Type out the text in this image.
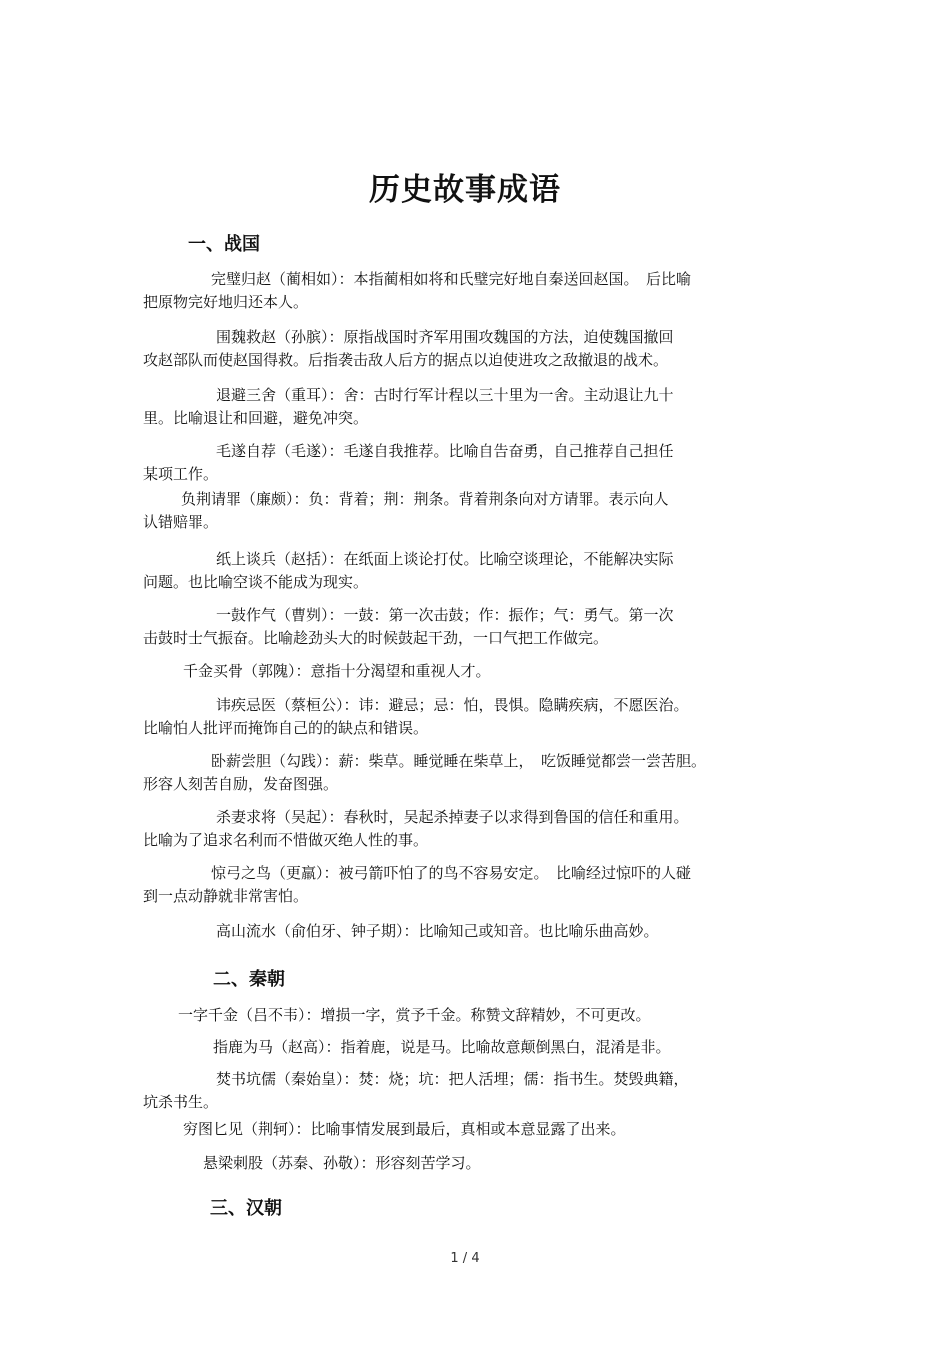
历史故事成语
一、战国

完璧归赵（蔺相如）：本指蔺相如将和氏璧完好地自秦送回赵国。　后比喻
把原物完好地归还本人。

围魏救赵（孙膑）：原指战国时齐军用围攻魏国的方法，迫使魏国撤回
攻赵部队而使赵国得救。后指袭击敌人后方的据点以迫使进攻之敌撤退的战术。

退避三舍（重耳）：舍：古时行军计程以三十里为一舍。主动退让九十
里。比喻退让和回避，避免冲突。

毛遂自荐（毛遂）：毛遂自我推荐。比喻自告奋勇，自己推荐自己担任
某项工作。

负荆请罪（廉颇）：负：背着；荆：荆条。背着荆条向对方请罪。表示向人
认错赔罪。

纸上谈兵（赵括）：在纸面上谈论打仗。比喻空谈理论，不能解决实际
问题。也比喻空谈不能成为现实。

一鼓作气（曹刿）：一鼓：第一次击鼓；作：振作；气：勇气。第一次
击鼓时士气振奋。比喻趁劲头大的时候鼓起干劲，一口气把工作做完。

千金买骨（郭隗）：意指十分渴望和重视人才。

讳疾忌医（蔡桓公）：讳：避忌；忌：怕，畏惧。隐瞒疾病，不愿医治。
比喻怕人批评而掩饰自己的的缺点和错误。

卧薪尝胆（勾践）：薪：柴草。睡觉睡在柴草上，　吃饭睡觉都尝一尝苦胆。
形容人刻苦自励，发奋图强。

杀妻求将（吴起）：春秋时，吴起杀掉妻子以求得到鲁国的信任和重用。
比喻为了追求名利而不惜做灭绝人性的事。

惊弓之鸟（更羸）：被弓箭吓怕了的鸟不容易安定。　比喻经过惊吓的人碰
到一点动静就非常害怕。

高山流水（俞伯牙、钟子期）：比喻知己或知音。也比喻乐曲高妙。

二、秦朝

一字千金（吕不韦）：增损一字，赏予千金。称赞文辞精妙，不可更改。

指鹿为马（赵高）：指着鹿，说是马。比喻故意颠倒黑白，混淆是非。

焚书坑儒（秦始皇）：焚：烧；坑：把人活埋；儒：指书生。焚毁典籍，
坑杀书生。

穷图匕见（荆轲）：比喻事情发展到最后，真相或本意显露了出来。

悬梁刺股（苏秦、孙敬）：形容刻苦学习。

三、汉朝
1 / 4
